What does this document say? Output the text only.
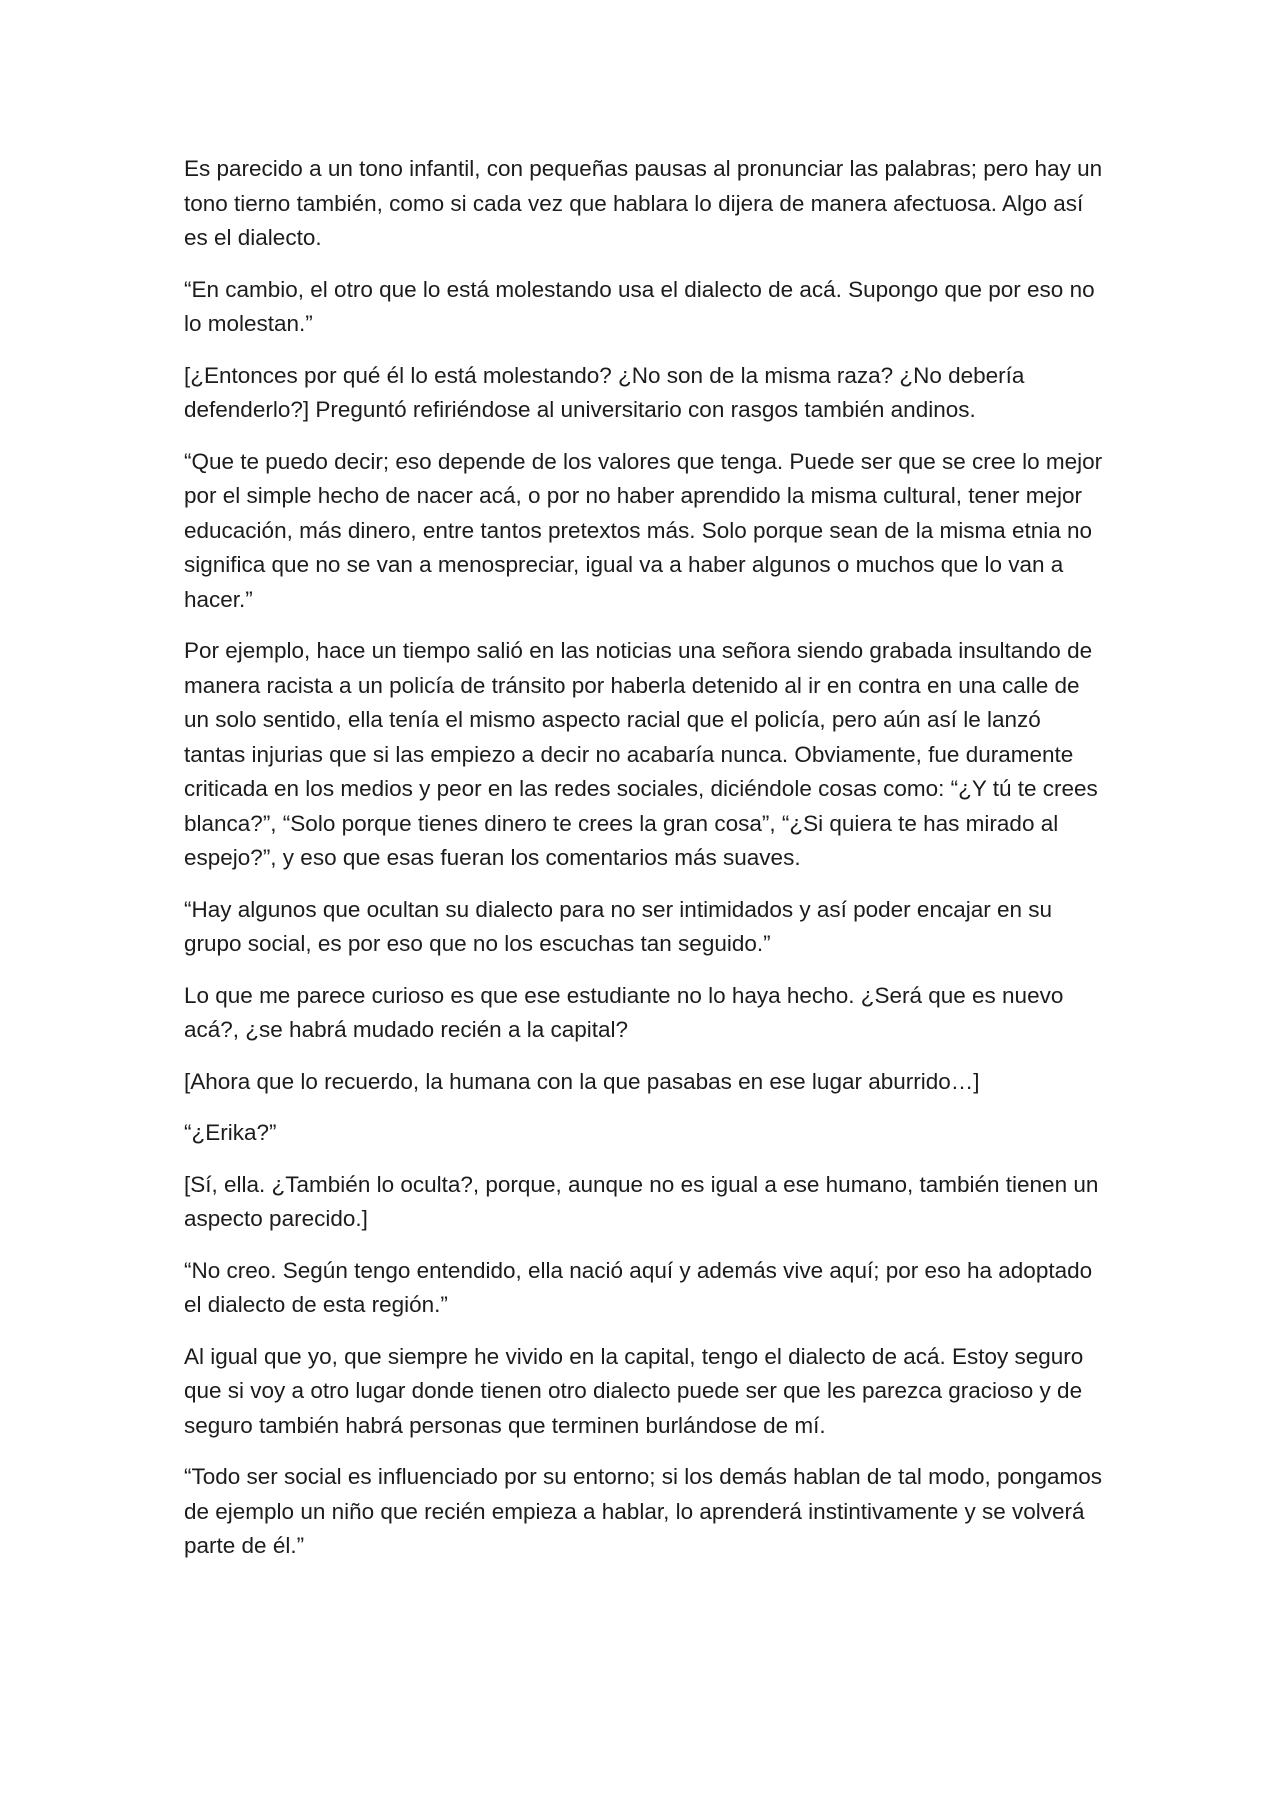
Es parecido a un tono infantil, con pequeñas pausas al pronunciar las palabras; pero hay un tono tierno también, como si cada vez que hablara lo dijera de manera afectuosa. Algo así es el dialecto.

“En cambio, el otro que lo está molestando usa el dialecto de acá. Supongo que por eso no lo molestan.”

[¿Entonces por qué él lo está molestando? ¿No son de la misma raza? ¿No debería defenderlo?] Preguntó refiriéndose al universitario con rasgos también andinos.

“Que te puedo decir; eso depende de los valores que tenga. Puede ser que se cree lo mejor por el simple hecho de nacer acá, o por no haber aprendido la misma cultural, tener mejor educación, más dinero, entre tantos pretextos más. Solo porque sean de la misma etnia no significa que no se van a menospreciar, igual va a haber algunos o muchos que lo van a hacer.”

Por ejemplo, hace un tiempo salió en las noticias una señora siendo grabada insultando de manera racista a un policía de tránsito por haberla detenido al ir en contra en una calle de un solo sentido, ella tenía el mismo aspecto racial que el policía, pero aún así le lanzó tantas injurias que si las empiezo a decir no acabaría nunca. Obviamente, fue duramente criticada en los medios y peor en las redes sociales, diciéndole cosas como: “¿Y tú te crees blanca?”, “Solo porque tienes dinero te crees la gran cosa”, “¿Si quiera te has mirado al espejo?”, y eso que esas fueran los comentarios más suaves.

“Hay algunos que ocultan su dialecto para no ser intimidados y así poder encajar en su grupo social, es por eso que no los escuchas tan seguido.”

Lo que me parece curioso es que ese estudiante no lo haya hecho. ¿Será que es nuevo acá?, ¿se habrá mudado recién a la capital?

[Ahora que lo recuerdo, la humana con la que pasabas en ese lugar aburrido…]

“¿Erika?”

[Sí, ella. ¿También lo oculta?, porque, aunque no es igual a ese humano, también tienen un aspecto parecido.]

“No creo. Según tengo entendido, ella nació aquí y además vive aquí; por eso ha adoptado el dialecto de esta región.”

Al igual que yo, que siempre he vivido en la capital, tengo el dialecto de acá. Estoy seguro que si voy a otro lugar donde tienen otro dialecto puede ser que les parezca gracioso y de seguro también habrá personas que terminen burlándose de mí.

“Todo ser social es influenciado por su entorno; si los demás hablan de tal modo, pongamos de ejemplo un niño que recién empieza a hablar, lo aprenderá instintivamente y se volverá parte de él.”
